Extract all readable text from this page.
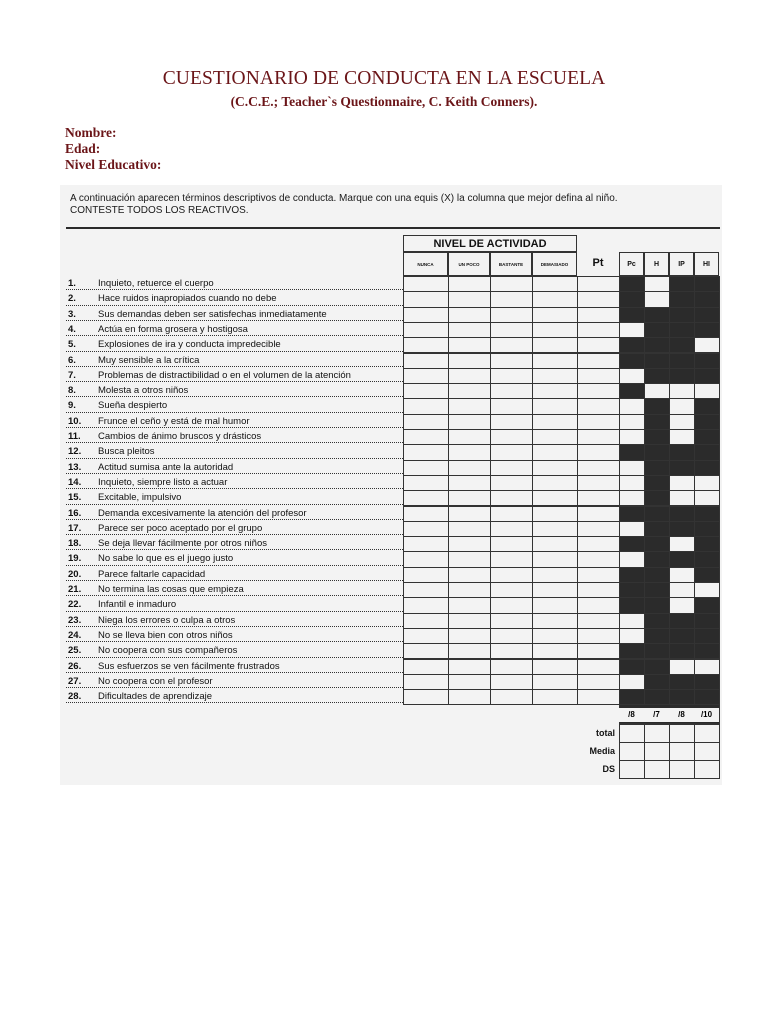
CUESTIONARIO DE CONDUCTA EN LA ESCUELA
(C.C.E.; Teacher`s Questionnaire, C. Keith Conners).
Nombre:
Edad:
Nivel Educativo:
A continuación aparecen términos descriptivos de conducta. Marque con una equis (X) la columna que mejor defina al niño.
CONTESTE TODOS LOS REACTIVOS.
NIVEL DE ACTIVIDAD
NUNCA	UN POCO	BASTANTE	DEMASIADO	Pt	Pc	H	IP	HI
1.	Inquieto, retuerce el cuerpo
2.	Hace ruidos inapropiados cuando no debe
3.	Sus demandas deben ser satisfechas inmediatamente
4.	Actúa en forma grosera y hostigosa
5.	Explosiones de ira y conducta impredecible
6.	Muy sensible a la crítica
7.	Problemas de distractibilidad o en el volumen de la atención
8.	Molesta a otros niños
9.	Sueña despierto
10.	Frunce el ceño y está de mal humor
11.	Cambios de ánimo bruscos y drásticos
12.	Busca pleitos
13.	Actitud sumisa ante la autoridad
14.	Inquieto, siempre listo a actuar
15.	Excitable, impulsivo
16.	Demanda excesivamente la atención del profesor
17.	Parece ser poco aceptado por el grupo
18.	Se deja llevar fácilmente por otros niños
19.	No sabe lo que es el juego justo
20.	Parece faltarle capacidad
21.	No termina las cosas que empieza
22.	Infantil e inmaduro
23.	Niega los errores o culpa a otros
24.	No se lleva bien con otros niños
25.	No coopera con sus compañeros
26.	Sus esfuerzos se ven fácilmente frustrados
27.	No coopera con el profesor
28.	Dificultades de aprendizaje
/8	/7	/8	/10
total
Media
DS
